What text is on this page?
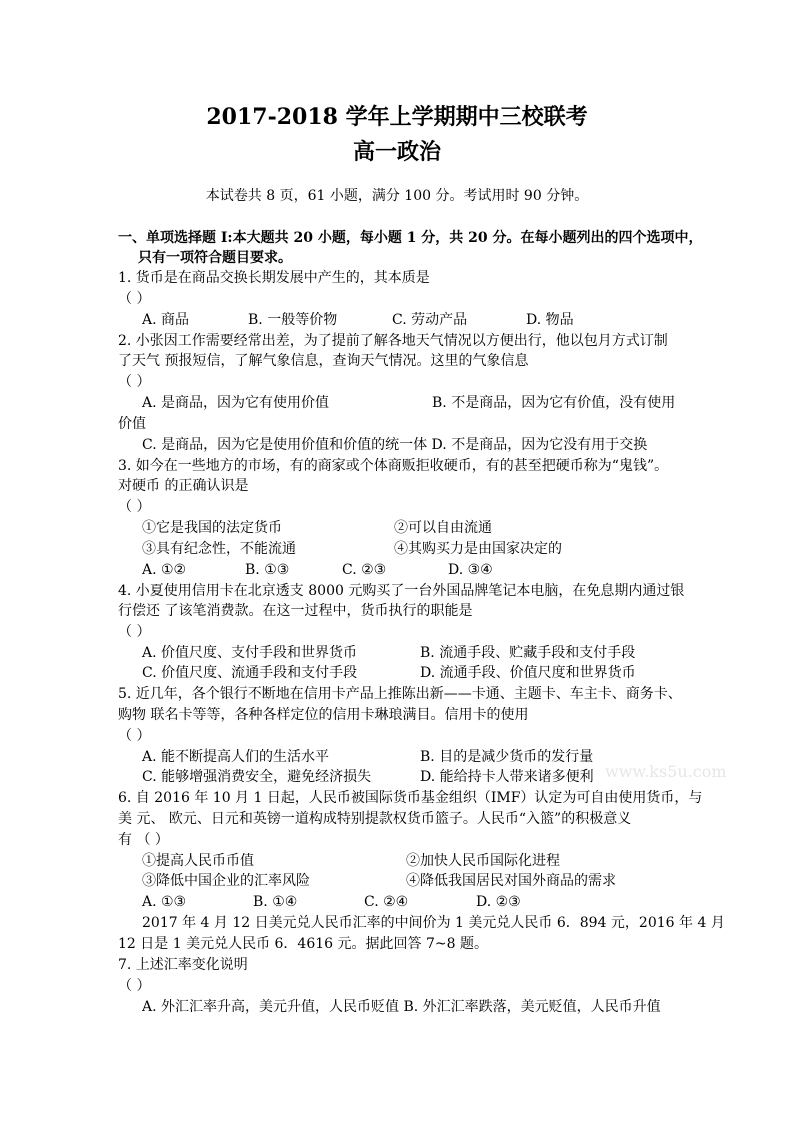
2017-2018 学年上学期期中三校联考
高一政治
本试卷共 8 页，61 小题，满分 100 分。考试用时 90 分钟。
一、单项选择题 I:本大题共 20 小题，每小题 1 分，共 20 分。在每小题列出的四个选项中，
只有一项符合题目要求。
1. 货币是在商品交换长期发展中产生的，其本质是
（ ）
A. 商品	B. 一般等价物	C. 劳动产品	D. 物品
2. 小张因工作需要经常出差，为了提前了解各地天气情况以方便出行，他以包月方式订制
了天气 预报短信，了解气象信息，查询天气情况。这里的气象信息
（ ）
A. 是商品，因为它有使用价值	B. 不是商品，因为它有价值，没有使用
价值
C. 是商品，因为它是使用价值和价值的统一体 D. 不是商品，因为它没有用于交换
3. 如今在一些地方的市场，有的商家或个体商贩拒收硬币，有的甚至把硬币称为“鬼钱”。
对硬币 的正确认识是
（ ）
①它是我国的法定货币	②可以自由流通
③具有纪念性，不能流通	④其购买力是由国家决定的
A. ①②	B. ①③	C. ②③	D. ③④
4. 小夏使用信用卡在北京透支 8000 元购买了一台外国品牌笔记本电脑，在免息期内通过银
行偿还 了该笔消费款。在这一过程中，货币执行的职能是
（ ）
A. 价值尺度、支付手段和世界货币	B. 流通手段、贮藏手段和支付手段
C. 价值尺度、流通手段和支付手段	D. 流通手段、价值尺度和世界货币
5. 近几年，各个银行不断地在信用卡产品上推陈出新——卡通、主题卡、车主卡、商务卡、
购物 联名卡等等，各种各样定位的信用卡琳琅满目。信用卡的使用
（ ）
A. 能不断提高人们的生活水平	B. 目的是减少货币的发行量
C. 能够增强消费安全，避免经济损失	D. 能给持卡人带来诸多便利 www.ks5u.com
6. 自 2016 年 10 月 1 日起，人民币被国际货币基金组织（IMF）认定为可自由使用货币，与
美 元、 欧元、日元和英镑一道构成特别提款权货币篮子。人民币“入篮”的积极意义
有 （ ）
①提高人民币币值	②加快人民币国际化进程
③降低中国企业的汇率风险	④降低我国居民对国外商品的需求
A. ①③	B. ①④	C. ②④	D. ②③
2017 年 4 月 12 日美元兑人民币汇率的中间价为 1 美元兑人民币 6．894 元，2016 年 4 月
12 日是 1 美元兑人民币 6．4616 元。据此回答 7~8 题。
7. 上述汇率变化说明
（ ）
A. 外汇汇率升高，美元升值，人民币贬值 B. 外汇汇率跌落，美元贬值，人民币升值
